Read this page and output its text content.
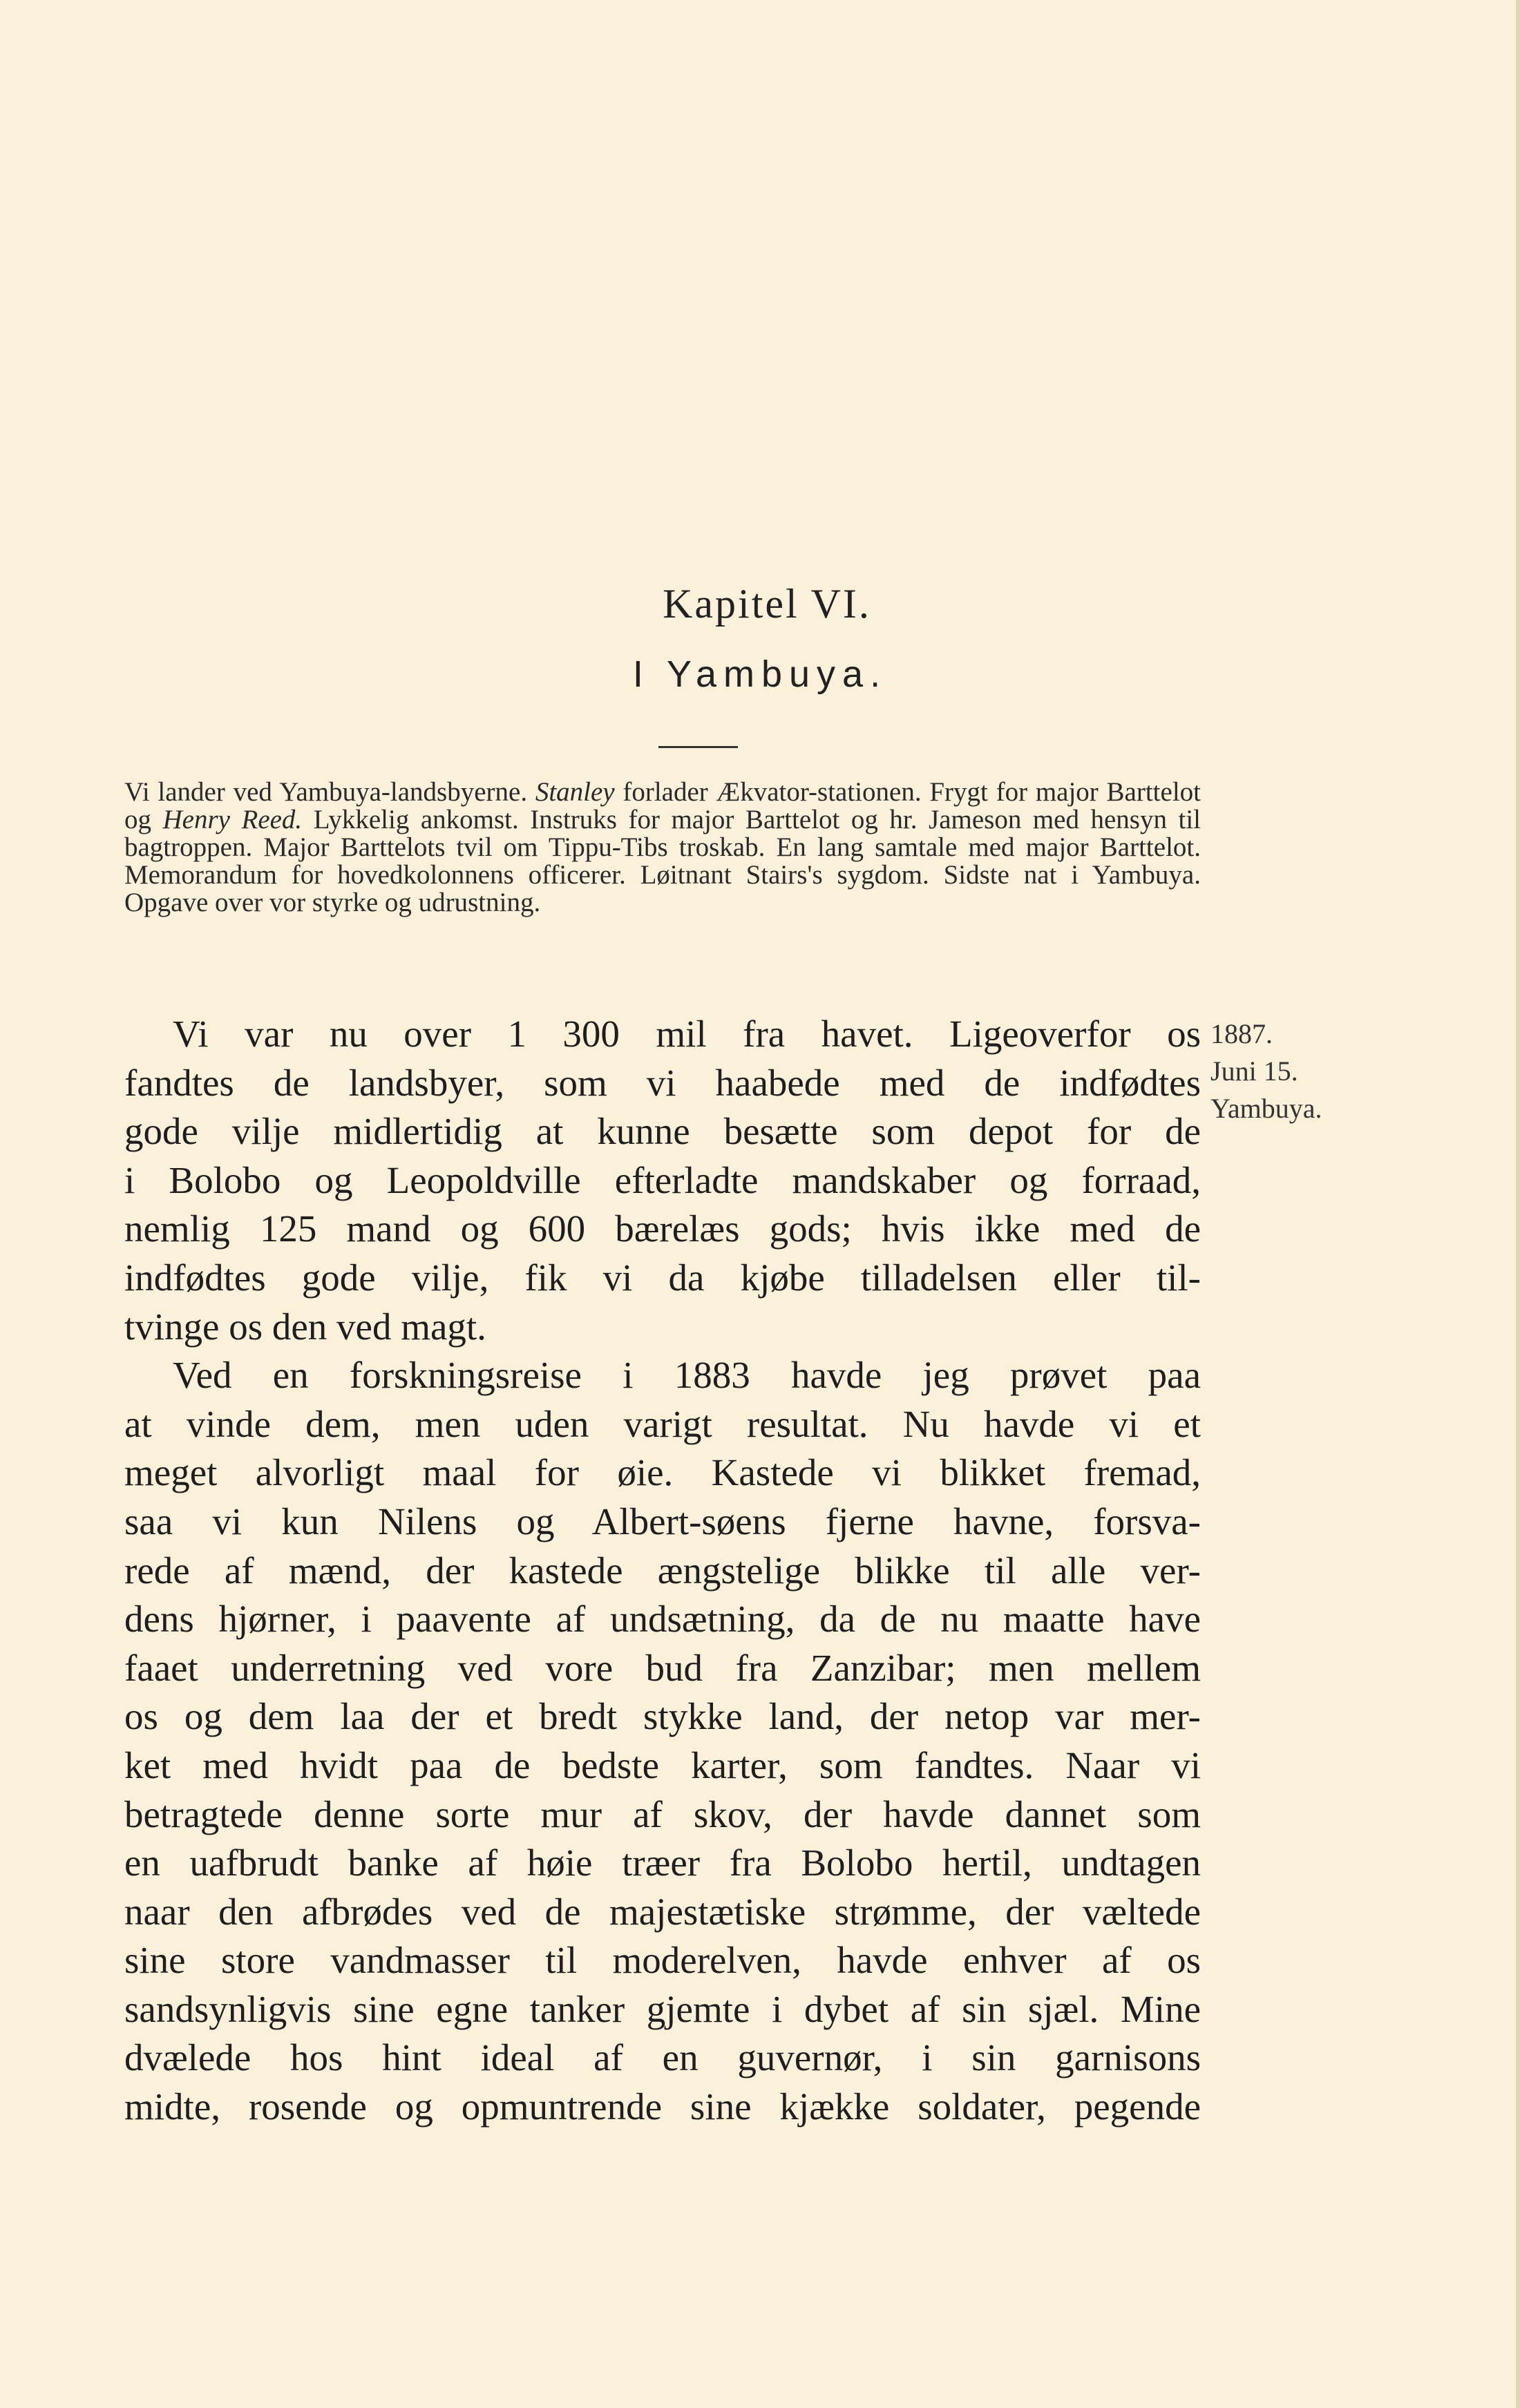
Kapitel VI.
I Yambuya.
Vi lander ved Yambuya-landsbyerne. Stanley forlader Ækvator-stationen. Frygt for major Barttelot og Henry Reed. Lykkelig ankomst. Instruks for major Barttelot og hr. Jameson med hensyn til bagtroppen. Major Barttelots tvil om Tippu-Tibs troskab. En lang samtale med major Barttelot. Memorandum for hovedkolonnens officerer. Løitnant Stairs's sygdom. Sidste nat i Yambuya. Opgave over vor styrke og udrustning.
1887.
Juni 15.
Yambuya.
Vi var nu over 1 300 mil fra havet. Ligeoverfor os
fandtes de landsbyer, som vi haabede med de indfødtes
gode vilje midlertidig at kunne besætte som depot for de
i Bolobo og Leopoldville efterladte mandskaber og forraad,
nemlig 125 mand og 600 bærelæs gods; hvis ikke med de
indfødtes gode vilje, fik vi da kjøbe tilladelsen eller til-
tvinge os den ved magt.
Ved en forskningsreise i 1883 havde jeg prøvet paa
at vinde dem, men uden varigt resultat. Nu havde vi et
meget alvorligt maal for øie. Kastede vi blikket fremad,
saa vi kun Nilens og Albert-søens fjerne havne, forsva-
rede af mænd, der kastede ængstelige blikke til alle ver-
dens hjørner, i paavente af undsætning, da de nu maatte have
faaet underretning ved vore bud fra Zanzibar; men mellem
os og dem laa der et bredt stykke land, der netop var mer-
ket med hvidt paa de bedste karter, som fandtes. Naar vi
betragtede denne sorte mur af skov, der havde dannet som
en uafbrudt banke af høie træer fra Bolobo hertil, undtagen
naar den afbrødes ved de majestætiske strømme, der væltede
sine store vandmasser til moderelven, havde enhver af os
sandsynligvis sine egne tanker gjemte i dybet af sin sjæl. Mine
dvælede hos hint ideal af en guvernør, i sin garnisons
midte, rosende og opmuntrende sine kjække soldater, pegende
